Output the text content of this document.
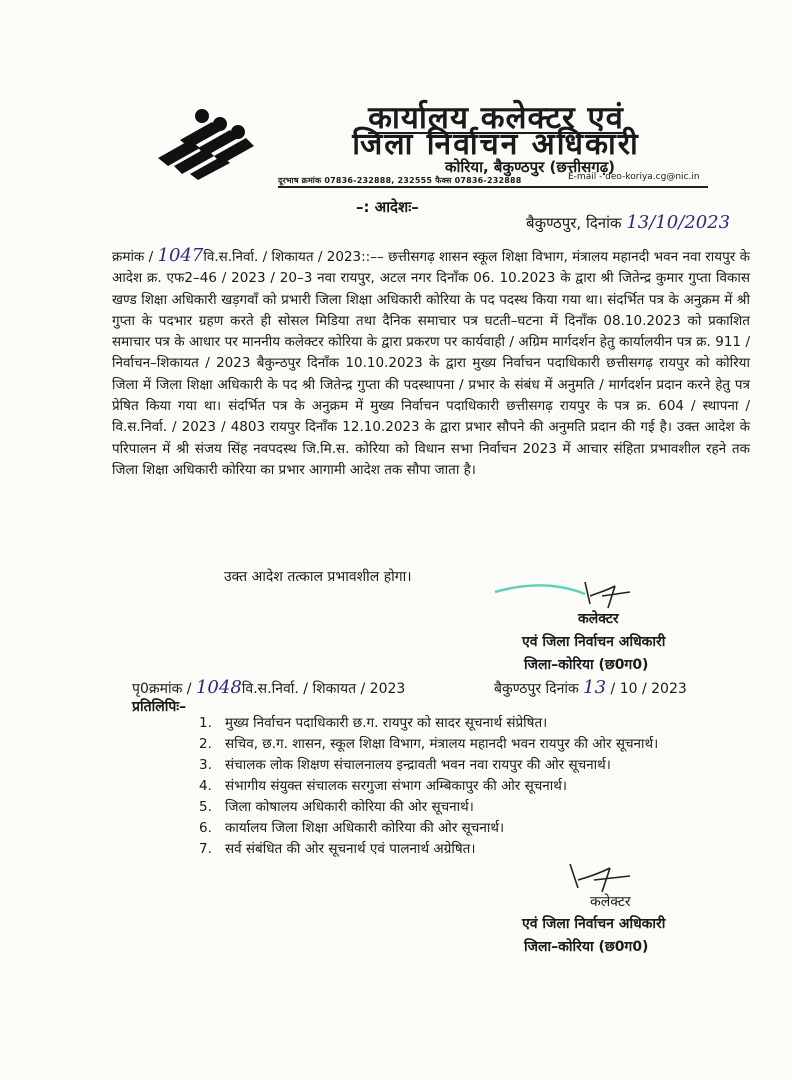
कार्यालय कलेक्टर एवं
जिला निर्वाचन अधिकारी
कोरिया, बैकुण्ठपुर (छत्तीसगढ़)
दूरभाष क्रमांक 07836-232888, 232555 फैक्स 07836-232888	E-mail - deo-koriya.cg@nic.in
–: आदेशः–
बैकुण्ठपुर, दिनांक 13/10/2023

क्रमांक / 1047वि.स.निर्वा. / शिकायत / 2023::–– छत्तीसगढ़ शासन स्कूल शिक्षा विभाग, मंत्रालय महानदी भवन नवा रायपुर के आदेश क्र. एफ2–46 / 2023 / 20–3 नवा रायपुर, अटल नगर दिनाँक 06. 10.2023 के द्वारा श्री जितेन्द्र कुमार गुप्ता विकास खण्ड शिक्षा अधिकारी खड़गवाँ को प्रभारी जिला शिक्षा अधिकारी कोरिया के पद पदस्थ किया गया था। संदर्भित पत्र के अनुक्रम में श्री गुप्ता के पदभार ग्रहण करते ही सोसल मिडिया तथा दैनिक समाचार पत्र घटती–घटना में दिनाँक 08.10.2023 को प्रकाशित समाचार पत्र के आधार पर माननीय कलेक्टर कोरिया के द्वारा प्रकरण पर कार्यवाही / अग्रिम मार्गदर्शन हेतु कार्यालयीन पत्र क्र. 911 / निर्वाचन–शिकायत / 2023 बैकुन्ठपुर दिनाँक 10.10.2023 के द्वारा मुख्य निर्वाचन पदाधिकारी छत्तीसगढ़ रायपुर को कोरिया जिला में जिला शिक्षा अधिकारी के पद श्री जितेन्द्र गुप्ता की पदस्थापना / प्रभार के संबंध में अनुमति / मार्गदर्शन प्रदान करने हेतु पत्र प्रेषित किया गया था। संदर्भित पत्र के अनुक्रम में मुख्य निर्वाचन पदाधिकारी छत्तीसगढ़ रायपुर के पत्र क्र. 604 / स्थापना / वि.स.निर्वा. / 2023 / 4803 रायपुर दिनाँक 12.10.2023 के द्वारा प्रभार सौपने की अनुमति प्रदान की गई है। उक्त आदेश के परिपालन में श्री संजय सिंह नवपदस्थ जि.मि.स. कोरिया को विधान सभा निर्वाचन 2023 में आचार संहिता प्रभावशील रहने तक जिला शिक्षा अधिकारी कोरिया का प्रभार आगामी आदेश तक सौपा जाता है।

उक्त आदेश तत्काल प्रभावशील होगा।
कलेक्टर
एवं जिला निर्वाचन अधिकारी
जिला–कोरिया (छ0ग0)
पृ0क्रमांक / 1048वि.स.निर्वा. / शिकायत / 2023	बैकुण्ठपुर दिनांक 13 / 10 / 2023
प्रतिलिपिः–
1. मुख्य निर्वाचन पदाधिकारी छ.ग. रायपुर को सादर सूचनार्थ संप्रेषित।
2. सचिव, छ.ग. शासन, स्कूल शिक्षा विभाग, मंत्रालय महानदी भवन रायपुर की ओर सूचनार्थ।
3. संचालक लोक शिक्षण संचालनालय इन्द्रावती भवन नवा रायपुर की ओर सूचनार्थ।
4. संभागीय संयुक्त संचालक सरगुजा संभाग अम्बिकापुर की ओर सूचनार्थ।
5. जिला कोषालय अधिकारी कोरिया की ओर सूचनार्थ।
6. कार्यालय जिला शिक्षा अधिकारी कोरिया की ओर सूचनार्थ।
7. सर्व संबंधित की ओर सूचनार्थ एवं पालनार्थ अग्रेषित।
कलेक्टर
एवं जिला निर्वाचन अधिकारी
जिला–कोरिया (छ0ग0)
